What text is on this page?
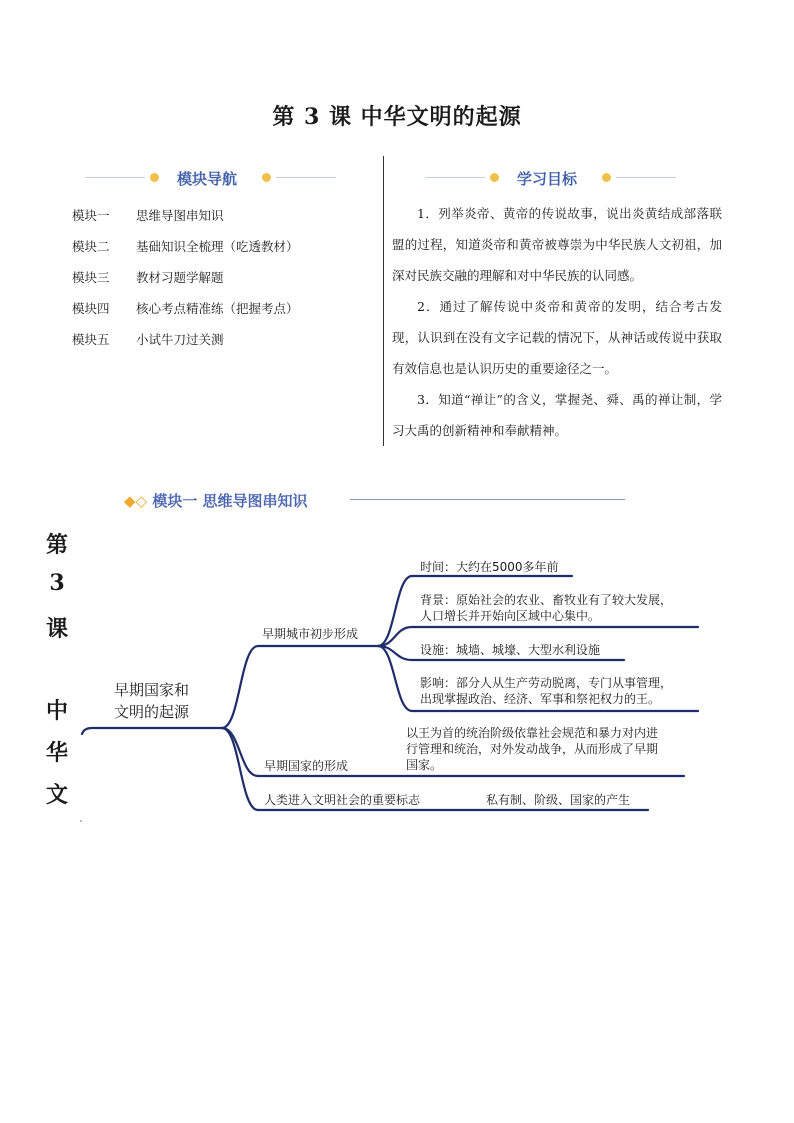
第 3 课 中华文明的起源
模块导航	学习目标
模块一 思维导图串知识
模块二 基础知识全梳理（吃透教材）
模块三 教材习题学解题
模块四 核心考点精准练（把握考点）
模块五 小试牛刀过关测

1．列举炎帝、黄帝的传说故事，说出炎黄结成部落联盟的过程，知道炎帝和黄帝被尊崇为中华民族人文初祖，加深对民族交融的理解和对中华民族的认同感。

2．通过了解传说中炎帝和黄帝的发明，结合考古发现，认识到在没有文字记载的情况下，从神话或传说中获取有效信息也是认识历史的重要途径之一。

3．知道“禅让”的含义，掌握尧、舜、禹的禅让制，学习大禹的创新精神和奉献精神。

◆◇ 模块一 思维导图串知识
第
3
课
中
华
文
早期国家和
文明的起源
早期城市初步形成
时间：大约在5000多年前
背景：原始社会的农业、畜牧业有了较大发展，
人口增长并开始向区域中心集中。
设施：城墙、城壕、大型水利设施
影响：部分人从生产劳动脱离，专门从事管理，
出现掌握政治、经济、军事和祭祀权力的王。
早期国家的形成
以王为首的统治阶级依靠社会规范和暴力对内进
行管理和统治，对外发动战争，从而形成了早期
国家。
人类进入文明社会的重要标志	私有制、阶级、国家的产生
